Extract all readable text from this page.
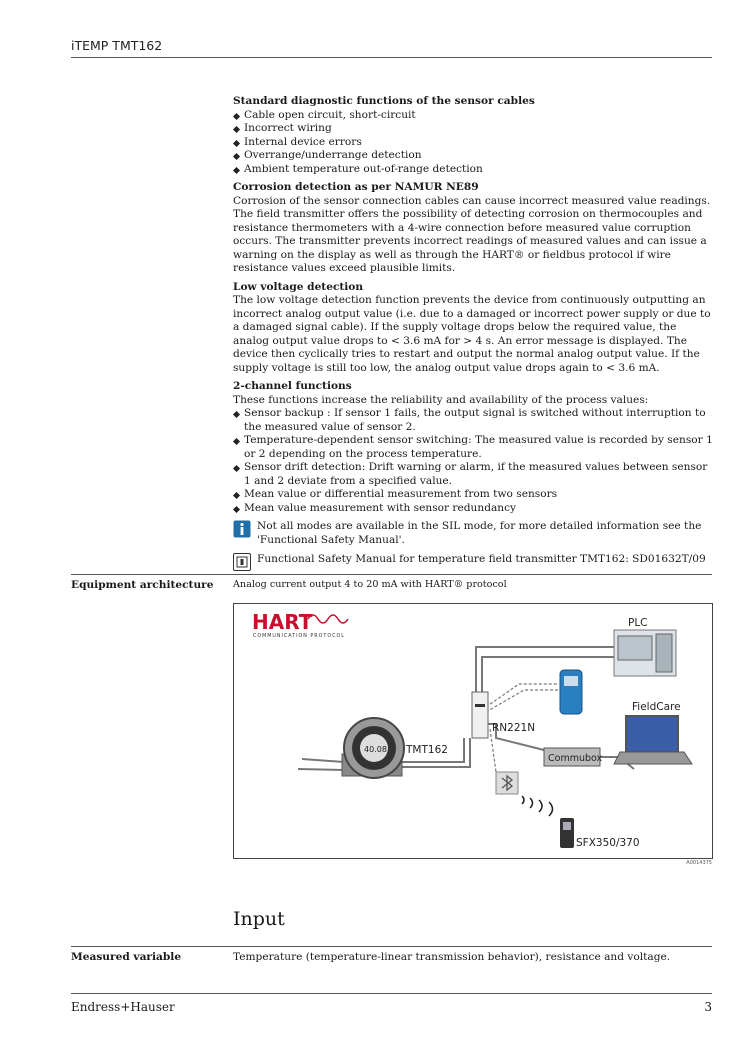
iTEMP TMT162

Standard diagnostic functions of the sensor cables

Cable open circuit, short-circuit
Incorrect wiring
Internal device errors
Overrange/underrange detection
Ambient temperature out-of-range detection

Corrosion detection as per NAMUR NE89

Corrosion of the sensor connection cables can cause incorrect measured value readings. The field transmitter offers the possibility of detecting corrosion on thermocouples and resistance thermometers with a 4-wire connection before measured value corruption occurs. The transmitter prevents incorrect readings of measured values and can issue a warning on the display as well as through the HART® or fieldbus protocol if wire resistance values exceed plausible limits.

Low voltage detection

The low voltage detection function prevents the device from continuously outputting an incorrect analog output value (i.e. due to a damaged or incorrect power supply or due to a damaged signal cable). If the supply voltage drops below the required value, the analog output value drops to < 3.6 mA for > 4 s. An error message is displayed. The device then cyclically tries to restart and output the normal analog output value. If the supply voltage is still too low, the analog output value drops again to < 3.6 mA.

2-channel functions

These functions increase the reliability and availability of the process values:

Sensor backup : If sensor 1 fails, the output signal is switched without interruption to the measured value of sensor 2.
Temperature-dependent sensor switching: The measured value is recorded by sensor 1 or 2 depending on the process temperature.
Sensor drift detection: Drift warning or alarm, if the measured values between sensor 1 and 2 deviate from a specified value.
Mean value or differential measurement from two sensors
Mean value measurement with sensor redundancy
Not all modes are available in the SIL mode, for more detailed information see the 'Functional Safety Manual'.
Functional Safety Manual for temperature field transmitter TMT162: SD01632T/09
Equipment architecture Analog current output 4 to 20 mA with HART® protocol
HART
COMMUNICATION PROTOCOL
PLC
FieldCare
RN221N
Commubox
40.08 TMT162
SFX350/370
A0014375
Input
Measured variable	Temperature (temperature-linear transmission behavior), resistance and voltage.
Endress+Hauser	3
